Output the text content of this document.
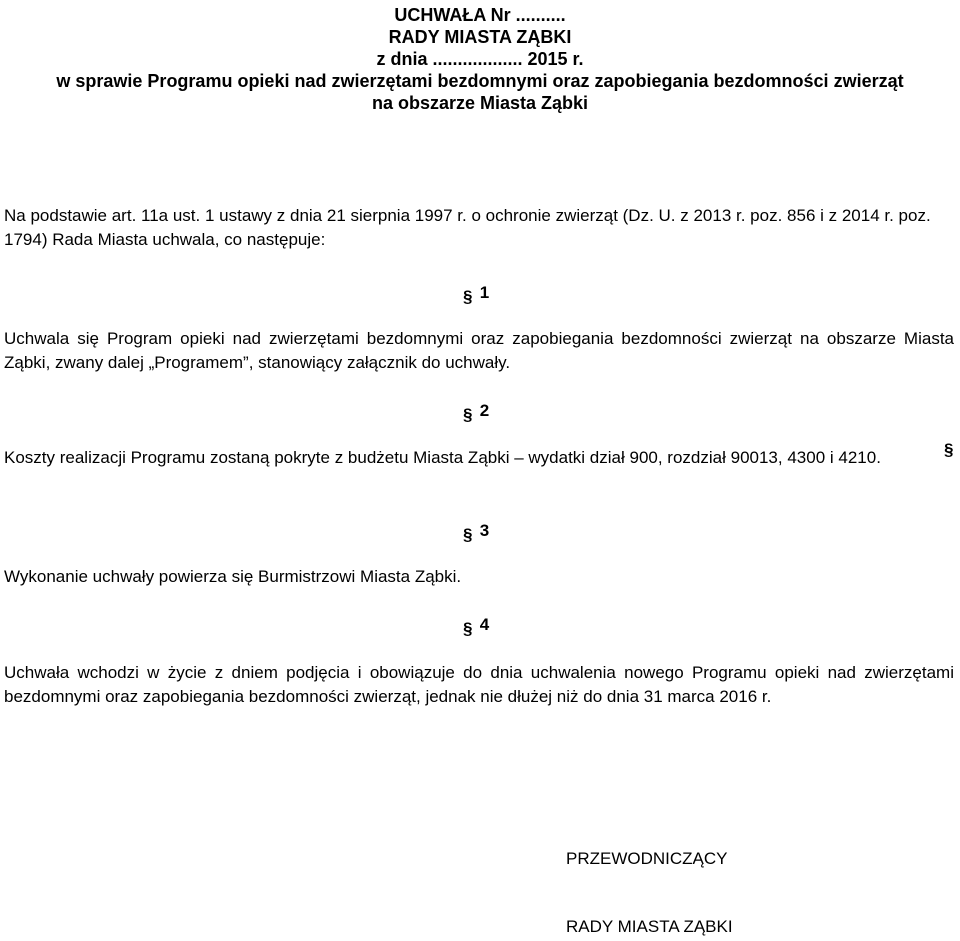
UCHWAŁA Nr ..........
RADY MIASTA ZĄBKI
z dnia .................. 2015 r.
w sprawie Programu opieki nad zwierzętami bezdomnymi oraz zapobiegania bezdomności zwierząt
na obszarze Miasta Ząbki
Na podstawie art. 11a ust. 1 ustawy z dnia 21 sierpnia 1997 r. o ochronie zwierząt (Dz. U. z 2013 r. poz. 856 i z 2014 r. poz. 1794) Rada Miasta uchwala, co następuje:
§ 1
Uchwala się Program opieki nad zwierzętami bezdomnymi oraz zapobiegania bezdomności zwierząt na obszarze Miasta Ząbki, zwany dalej „Programem”, stanowiący załącznik do uchwały.
§ 2
Koszty realizacji Programu zostaną pokryte z budżetu Miasta Ząbki – wydatki dział 900, rozdział 90013, 4300 i 4210.	§
§ 3
Wykonanie uchwały powierza się Burmistrzowi Miasta Ząbki.
§ 4
Uchwała wchodzi w życie z dniem podjęcia i obowiązuje do dnia uchwalenia nowego Programu opieki nad zwierzętami bezdomnymi oraz zapobiegania bezdomności zwierząt, jednak nie dłużej niż do dnia 31 marca 2016 r.
PRZEWODNICZĄCY
RADY MIASTA ZĄBKI
